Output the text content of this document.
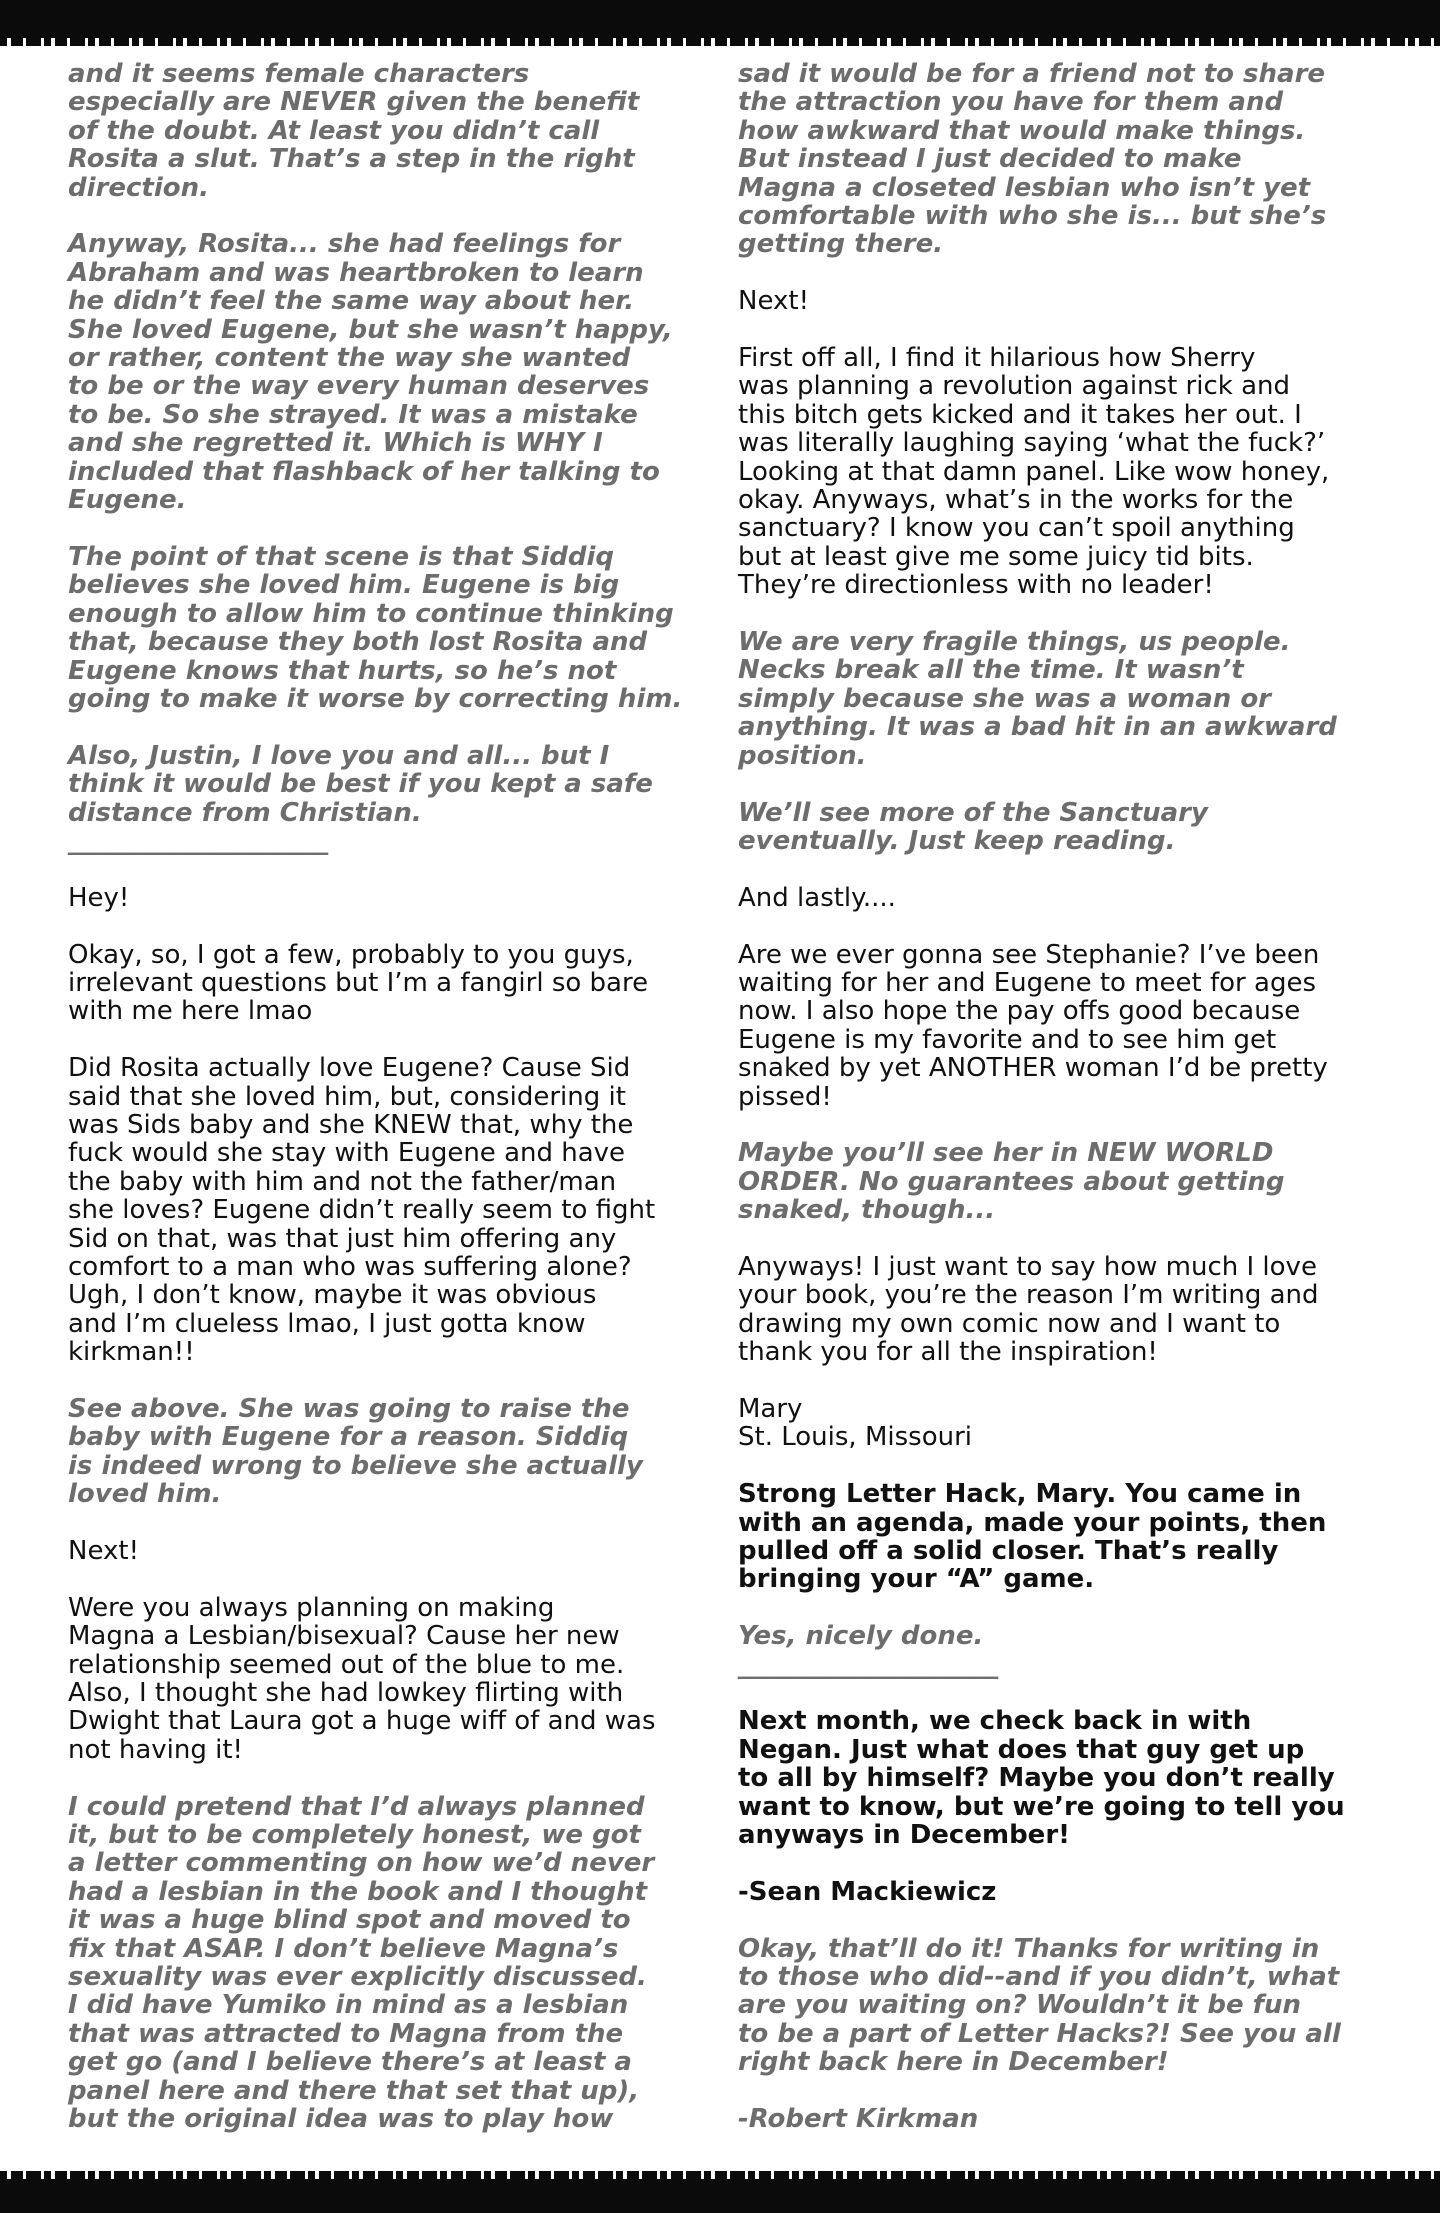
and it seems female characters
especially are NEVER given the benefit
of the doubt. At least you didn’t call
Rosita a slut. That’s a step in the right
direction.

Anyway, Rosita... she had feelings for
Abraham and was heartbroken to learn
he didn’t feel the same way about her.
She loved Eugene, but she wasn’t happy,
or rather, content the way she wanted
to be or the way every human deserves
to be. So she strayed. It was a mistake
and she regretted it. Which is WHY I
included that flashback of her talking to
Eugene.

The point of that scene is that Siddiq
believes she loved him. Eugene is big
enough to allow him to continue thinking
that, because they both lost Rosita and
Eugene knows that hurts, so he’s not
going to make it worse by correcting him.

Also, Justin, I love you and all... but I
think it would be best if you kept a safe
distance from Christian.
____________________

Hey!

Okay, so, I got a few, probably to you guys,
irrelevant questions but I’m a fangirl so bare
with me here lmao

Did Rosita actually love Eugene? Cause Sid
said that she loved him, but, considering it
was Sids baby and she KNEW that, why the
fuck would she stay with Eugene and have
the baby with him and not the father/man
she loves? Eugene didn’t really seem to fight
Sid on that, was that just him offering any
comfort to a man who was suffering alone?
Ugh, I don’t know, maybe it was obvious
and I’m clueless lmao, I just gotta know
kirkman!!

See above. She was going to raise the
baby with Eugene for a reason. Siddiq
is indeed wrong to believe she actually
loved him.

Next!

Were you always planning on making
Magna a Lesbian/bisexual? Cause her new
relationship seemed out of the blue to me.
Also, I thought she had lowkey flirting with
Dwight that Laura got a huge wiff of and was
not having it!

I could pretend that I’d always planned
it, but to be completely honest, we got
a letter commenting on how we’d never
had a lesbian in the book and I thought
it was a huge blind spot and moved to
fix that ASAP. I don’t believe Magna’s
sexuality was ever explicitly discussed.
I did have Yumiko in mind as a lesbian
that was attracted to Magna from the
get go (and I believe there’s at least a
panel here and there that set that up),
but the original idea was to play how

sad it would be for a friend not to share
the attraction you have for them and
how awkward that would make things.
But instead I just decided to make
Magna a closeted lesbian who isn’t yet
comfortable with who she is... but she’s
getting there.

Next!

First off all, I find it hilarious how Sherry
was planning a revolution against rick and
this bitch gets kicked and it takes her out. I
was literally laughing saying ‘what the fuck?’
Looking at that damn panel. Like wow honey,
okay. Anyways, what’s in the works for the
sanctuary? I know you can’t spoil anything
but at least give me some juicy tid bits.
They’re directionless with no leader!

We are very fragile things, us people.
Necks break all the time. It wasn’t
simply because she was a woman or
anything. It was a bad hit in an awkward
position.

We’ll see more of the Sanctuary
eventually. Just keep reading.

And lastly....

Are we ever gonna see Stephanie? I’ve been
waiting for her and Eugene to meet for ages
now. I also hope the pay offs good because
Eugene is my favorite and to see him get
snaked by yet ANOTHER woman I’d be pretty
pissed!

Maybe you’ll see her in NEW WORLD
ORDER. No guarantees about getting
snaked, though...

Anyways! I just want to say how much I love
your book, you’re the reason I’m writing and
drawing my own comic now and I want to
thank you for all the inspiration!

Mary
St. Louis, Missouri

Strong Letter Hack, Mary. You came in
with an agenda, made your points, then
pulled off a solid closer. That’s really
bringing your “A” game.

Yes, nicely done.
____________________

Next month, we check back in with
Negan. Just what does that guy get up
to all by himself? Maybe you don’t really
want to know, but we’re going to tell you
anyways in December!

-Sean Mackiewicz

Okay, that’ll do it! Thanks for writing in
to those who did--and if you didn’t, what
are you waiting on? Wouldn’t it be fun
to be a part of Letter Hacks?! See you all
right back here in December!

-Robert Kirkman
